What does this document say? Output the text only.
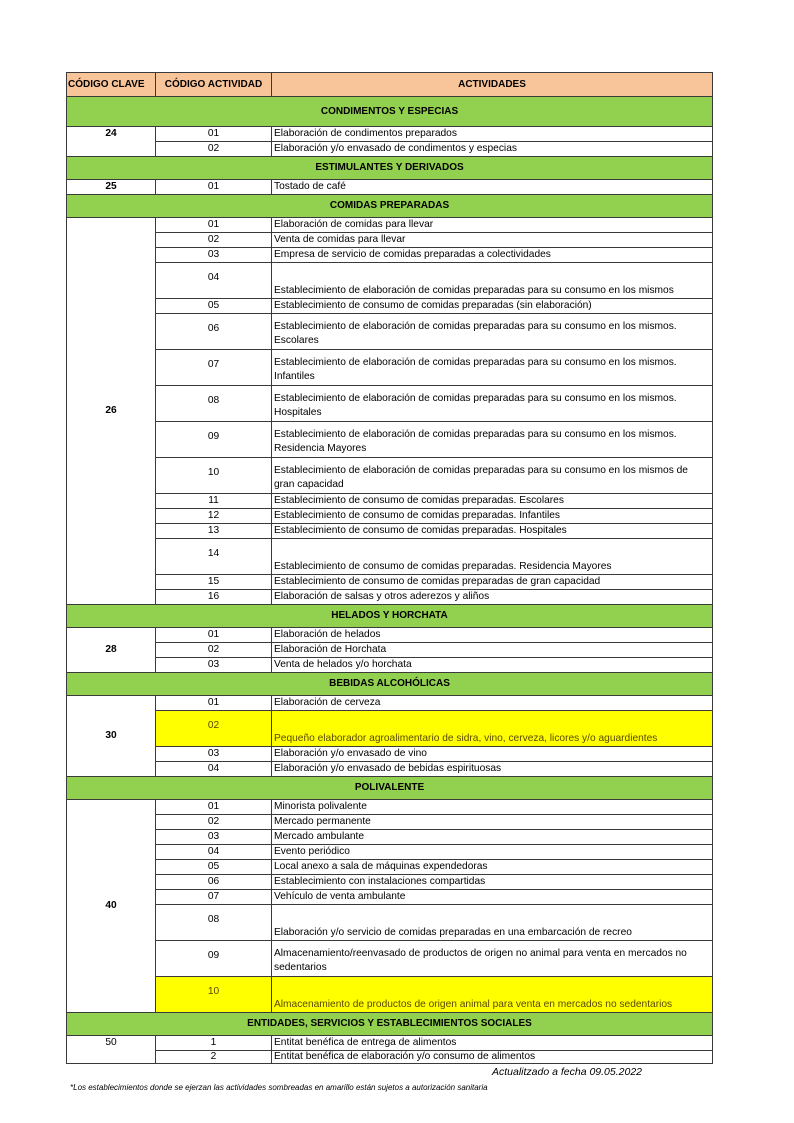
CÓDIGO CLAVE	CÓDIGO ACTIVIDAD	ACTIVIDADES
CONDIMENTOS Y ESPECIAS		
24	01	Elaboración de condimentos preparados
	02	Elaboración y/o envasado de condimentos y especias
ESTIMULANTES Y DERIVADOS		
25	01	Tostado de café
COMIDAS PREPARADAS		
26	01	Elaboración de comidas para llevar
	02	Venta de comidas para llevar
	03	Empresa de servicio de comidas preparadas a colectividades
	04	Establecimiento de elaboración de comidas preparadas para su consumo en los mismos
	05	Establecimiento de consumo de comidas preparadas (sin elaboración)
	06	Establecimiento de elaboración de comidas preparadas para su consumo en los mismos. Escolares
	07	Establecimiento de elaboración de comidas preparadas para su consumo en los mismos. Infantiles
	08	Establecimiento de elaboración de comidas preparadas para su consumo en los mismos. Hospitales
	09	Establecimiento de elaboración de comidas preparadas para su consumo en los mismos. Residencia Mayores
	10	Establecimiento de elaboración de comidas preparadas para su consumo en los mismos de gran capacidad
	11	Establecimiento de consumo de comidas preparadas. Escolares
	12	Establecimiento de consumo de comidas preparadas. Infantiles
	13	Establecimiento de consumo de comidas preparadas. Hospitales
	14	Establecimiento de consumo de comidas preparadas. Residencia Mayores
	15	Establecimiento de consumo de comidas preparadas de gran capacidad
	16	Elaboración de salsas y otros aderezos y aliños
HELADOS Y HORCHATA		
28	01	Elaboración de helados
	02	Elaboración de Horchata
	03	Venta de helados y/o horchata
BEBIDAS ALCOHÓLICAS		
30	01	Elaboración de cerveza
	02	Pequeño elaborador agroalimentario de sidra, vino, cerveza, licores y/o aguardientes
	03	Elaboración y/o envasado de vino
	04	Elaboración y/o envasado de bebidas espirituosas
POLIVALENTE		
40	01	Minorista polivalente
	02	Mercado permanente
	03	Mercado ambulante
	04	Evento periódico
	05	Local anexo a sala de máquinas expendedoras
	06	Establecimiento con instalaciones compartidas
	07	Vehículo de venta ambulante
	08	Elaboración y/o servicio de comidas preparadas en una embarcación de recreo
	09	Almacenamiento/reenvasado de productos de origen no animal para venta en mercados no sedentarios
	10	Almacenamiento de productos de origen animal para venta en mercados no sedentarios
ENTIDADES, SERVICIOS Y ESTABLECIMIENTOS SOCIALES		
50	1	Entitat benéfica de entrega de alimentos
	2	Entitat benéfica de elaboración y/o consumo de alimentos
Actualitzado a fecha 09.05.2022
*Los establecimientos donde se ejerzan las actividades sombreadas en amarillo están sujetos a autorización sanitaria
